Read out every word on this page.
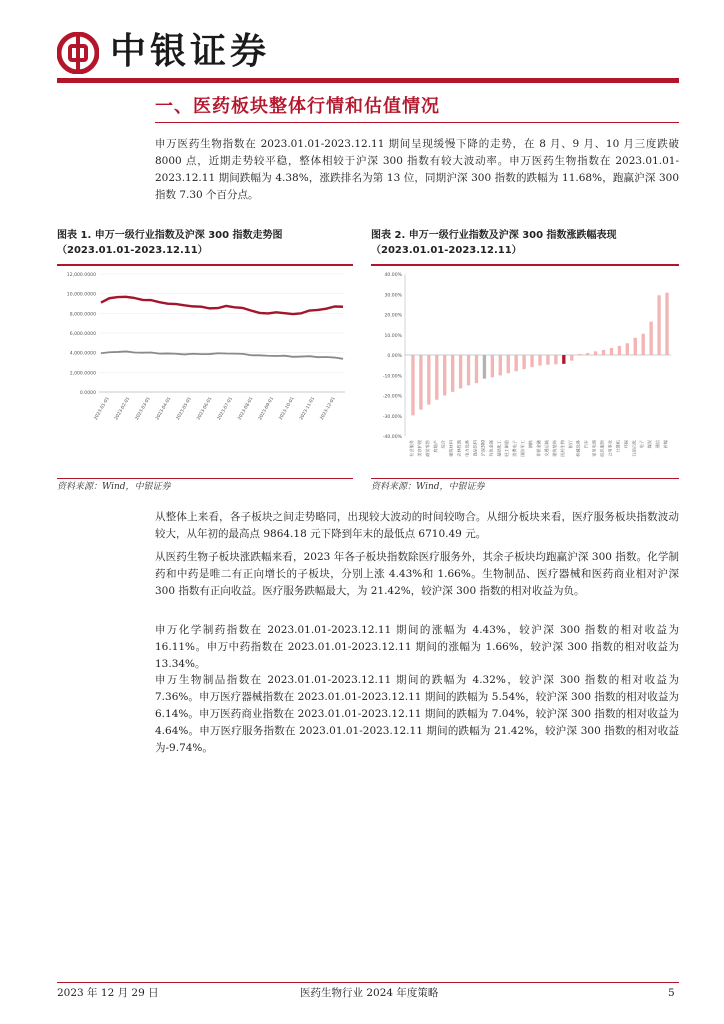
中银证券
一、医药板块整体行情和估值情况

申万医药生物指数在 2023.01.01-2023.12.11 期间呈现缓慢下降的走势，在 8 月、9 月、10 月三度跌破 8000 点，近期走势较平稳，整体相较于沪深 300 指数有较大波动率。申万医药生物指数在 2023.01.01-2023.12.11 期间跌幅为 4.38%，涨跌排名为第 13 位，同期沪深 300 指数的跌幅为 11.68%，跑赢沪深 300 指数 7.30 个百分点。

图表 1. 申万一级行业指数及沪深 300 指数走势图
（2023.01.01-2023.12.11）
0.0000
2,000.0000
4,000.0000
6,000.0000
8,000.0000
10,000.0000
12,000.0000
2023-01-01 2023-02-01 2023-03-01 2023-04-01 2023-05-01 2023-06-01 2023-07-01 2023-08-01 2023-09-01 2023-10-01 2023-11-01 2023-12-01
资料来源：Wind，中银证券
图表 2. 申万一级行业指数及沪深 300 指数涨跌幅表现
（2023.01.01-2023.12.11）
-40.00%
-30.00%
-20.00%
-10.00%
0.00%
10.00%
20.00%
30.00%
40.00%
社会服务 美容护理 商贸零售 房地产 综合 建筑材料 农林牧渔 电力设备 食品饮料 沪深300 有色金属 基础化工 轻工制造 消费电子 国防军工 钢铁 非银金融 交通运输 建筑装饰 医药生物 银行 机械设备 汽车 家用电器 纺织服饰 公用事业 计算机 环保 石油石化 电子 煤炭 通信 传媒
资料来源：Wind，中银证券

从整体上来看，各子板块之间走势略同，出现较大波动的时间较吻合。从细分板块来看，医疗服务板块指数波动较大，从年初的最高点 9864.18 元下降到年末的最低点 6710.49 元。

从医药生物子板块涨跌幅来看，2023 年各子板块指数除医疗服务外，其余子板块均跑赢沪深 300 指数。化学制药和中药是唯二有正向增长的子板块，分别上涨 4.43%和 1.66%。生物制品、医疗器械和医药商业相对沪深 300 指数有正向收益。医疗服务跌幅最大，为 21.42%，较沪深 300 指数的相对收益为负。

申万化学制药指数在 2023.01.01-2023.12.11 期间的涨幅为 4.43%，较沪深 300 指数的相对收益为 16.11%。申万中药指数在 2023.01.01-2023.12.11 期间的涨幅为 1.66%，较沪深 300 指数的相对收益为 13.34%。

申万生物制品指数在 2023.01.01-2023.12.11 期间的跌幅为 4.32%，较沪深 300 指数的相对收益为 7.36%。申万医疗器械指数在 2023.01.01-2023.12.11 期间的跌幅为 5.54%，较沪深 300 指数的相对收益为 6.14%。申万医药商业指数在 2023.01.01-2023.12.11 期间的跌幅为 7.04%，较沪深 300 指数的相对收益为 4.64%。申万医疗服务指数在 2023.01.01-2023.12.11 期间的跌幅为 21.42%，较沪深 300 指数的相对收益为-9.74%。

2023 年 12 月 29 日	医药生物行业 2024 年度策略	5
